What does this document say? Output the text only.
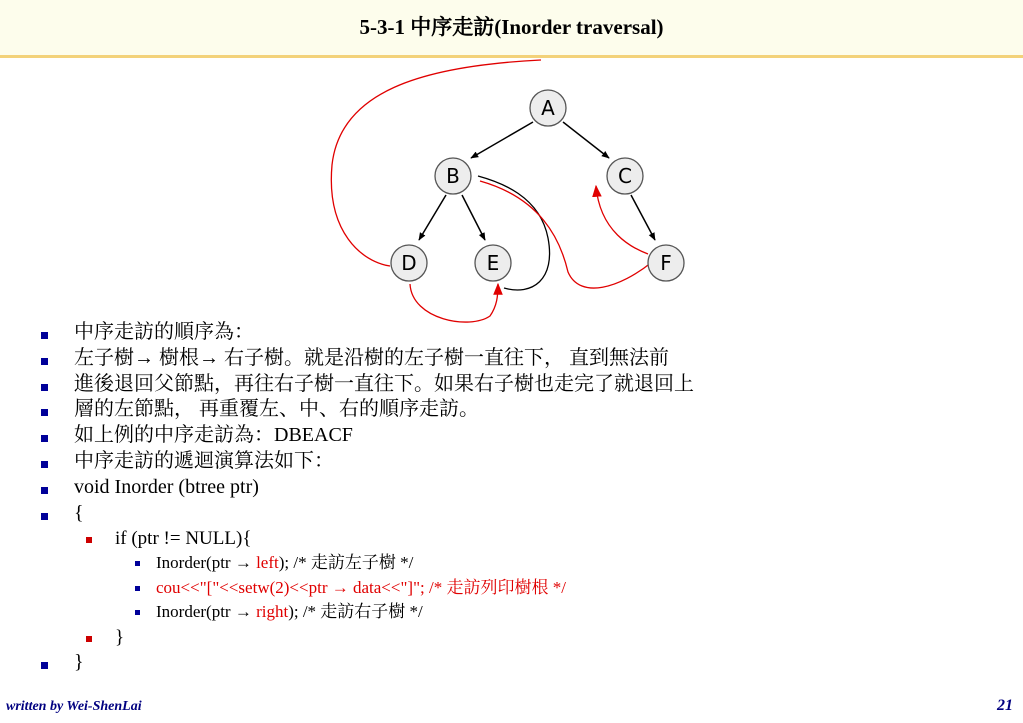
5-3-1 中序走訪(Inorder traversal)
A
B	C
D	E	F
中序走訪的順序為：
左子樹→ 樹根→ 右子樹。就是沿樹的左子樹一直往下， 直到無法前
進後退回父節點，再往右子樹一直往下。如果右子樹也走完了就退回上
層的左節點， 再重覆左、中、右的順序走訪。
如上例的中序走訪為：DBEACF
中序走訪的遞迴演算法如下：
void Inorder (btree ptr)
{
if (ptr != NULL){
Inorder(ptr → left); /* 走訪左子樹 */
cou<<"["<<setw(2)<<ptr → data<<"]"; /* 走訪列印樹根 */
Inorder(ptr → right); /* 走訪右子樹 */
}
}
written by Wei-ShenLai	21
